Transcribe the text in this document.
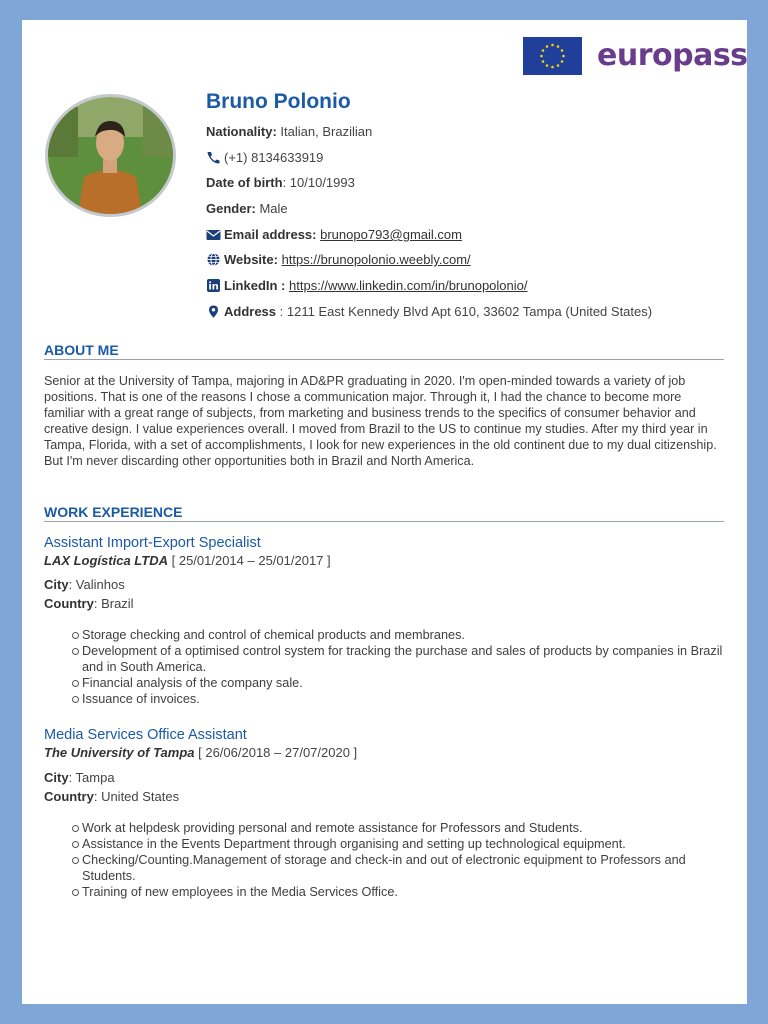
europass
Bruno Polonio
Nationality: Italian, Brazilian
(+1) 8134633919
Date of birth: 10/10/1993
Gender: Male
Email address: brunopo793@gmail.com
Website: https://brunopolonio.weebly.com/
LinkedIn : https://www.linkedin.com/in/brunopolonio/
Address : 1211 East Kennedy Blvd Apt 610, 33602 Tampa (United States)
ABOUT ME
Senior at the University of Tampa, majoring in AD&PR graduating in 2020. I'm open-minded towards a variety of job positions. That is one of the reasons I chose a communication major. Through it, I had the chance to become more familiar with a great range of subjects, from marketing and business trends to the specifics of consumer behavior and creative design. I value experiences overall. I moved from Brazil to the US to continue my studies. After my third year in Tampa, Florida, with a set of accomplishments, I look for new experiences in the old continent due to my dual citizenship. But I'm never discarding other opportunities both in Brazil and North America.
WORK EXPERIENCE
Assistant Import-Export Specialist
LAX Logística LTDA [ 25/01/2014 – 25/01/2017 ]
City: Valinhos
Country: Brazil
Storage checking and control of chemical products and membranes.
Development of a optimised control system for tracking the purchase and sales of products by companies in Brazil and in South America.
Financial analysis of the company sale.
Issuance of invoices.
Media Services Office Assistant
The University of Tampa [ 26/06/2018 – 27/07/2020 ]
City: Tampa
Country: United States
Work at helpdesk providing personal and remote assistance for Professors and Students.
Assistance in the Events Department through organising and setting up technological equipment.
Checking/Counting.Management of storage and check-in and out of electronic equipment to Professors and Students.
Training of new employees in the Media Services Office.
